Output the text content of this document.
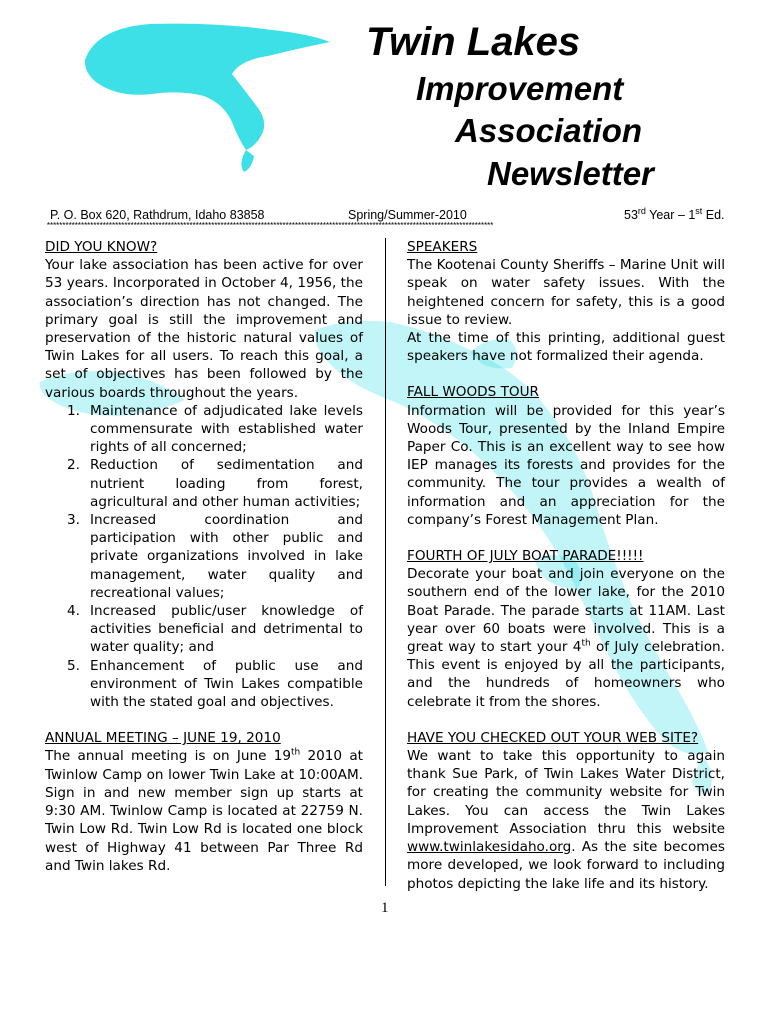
Twin Lakes
Improvement
Association
Newsletter
P. O. Box 620, Rathdrum, Idaho 83858	Spring/Summer-2010	53rd Year – 1st Ed.
************************************************************************************************************************************************

DID YOU KNOW?

Your lake association has been active for over 53 years. Incorporated in October 4, 1956, the association’s direction has not changed. The primary goal is still the improvement and preservation of the historic natural values of Twin Lakes for all users. To reach this goal, a set of objectives has been followed by the various boards throughout the years.

1. Maintenance of adjudicated lake levels commensurate with established water rights of all concerned;
2. Reduction of sedimentation and nutrient loading from forest, agricultural and other human activities;
3. Increased coordination and participation with other public and private organizations involved in lake management, water quality and recreational values;
4. Increased public/user knowledge of activities beneficial and detrimental to water quality; and
5. Enhancement of public use and environment of Twin Lakes compatible with the stated goal and objectives.

ANNUAL MEETING – JUNE 19, 2010

The annual meeting is on June 19th 2010 at Twinlow Camp on lower Twin Lake at 10:00AM. Sign in and new member sign up starts at 9:30 AM. Twinlow Camp is located at 22759 N. Twin Low Rd. Twin Low Rd is located one block west of Highway 41 between Par Three Rd and Twin lakes Rd.

SPEAKERS

The Kootenai County Sheriffs – Marine Unit will speak on water safety issues. With the heightened concern for safety, this is a good issue to review.

At the time of this printing, additional guest speakers have not formalized their agenda.

FALL WOODS TOUR

Information will be provided for this year’s Woods Tour, presented by the Inland Empire Paper Co. This is an excellent way to see how IEP manages its forests and provides for the community. The tour provides a wealth of information and an appreciation for the company’s Forest Management Plan.

FOURTH OF JULY BOAT PARADE!!!!!

Decorate your boat and join everyone on the southern end of the lower lake, for the 2010 Boat Parade. The parade starts at 11AM. Last year over 60 boats were involved. This is a great way to start your 4th of July celebration. This event is enjoyed by all the participants, and the hundreds of homeowners who celebrate it from the shores.

HAVE YOU CHECKED OUT YOUR WEB SITE?

We want to take this opportunity to again thank Sue Park, of Twin Lakes Water District, for creating the community website for Twin Lakes. You can access the Twin Lakes Improvement Association thru this website www.twinlakesidaho.org. As the site becomes more developed, we look forward to including photos depicting the lake life and its history.

1
